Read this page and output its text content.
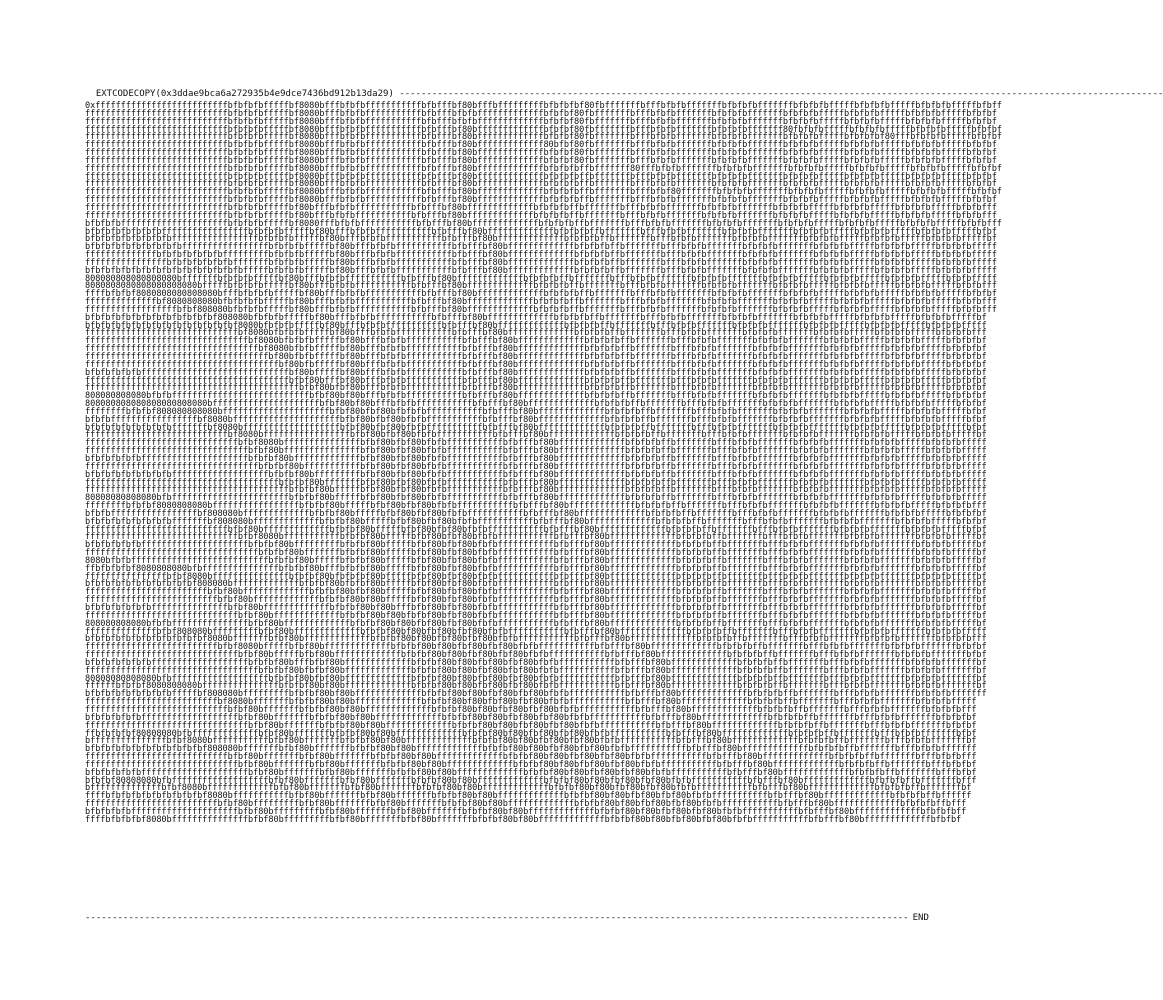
EXTCODECOPY(0x3ddae9bca6a272935b4e9dce7436bd912b13da29) ---------------------------------------------------------------------------------------------------------------------------------------------

0xffffffffffffffffffffffffffbfbfbfbfffffbf8080bfffbfbfbfffffffffffbfbfffbf80bfffbfffffffffbfbfbfbf80fbfffffffbfffbfbfbfffffffbfbfbfbfffffffbfbfbfbfffffbfbfbfbfffffbfbfbfbfffffbfbff
ffffffffffffffffffffffffffffbfbfbfbfffffbf8080bfffbfbfbfffffffffffbfbfffbfbfbfffffffffffffbfbfbf80fbfffffffbfffbfbfbfffffffbfbfbfbfffffffbfbfbfbfffffbfbfbfbfffffbfbfbfbfffffbfbfbf
ffffffffffffffffffffffffffffbfbfbfbfffffbf8080bfffbfbfbfffffffffffbfbfffbfbfbfffffffffffffbfbfbf80fbfffffffbfffbfbfbfffffffbfbfbfbfffffffbfbfbfbfffffbfbfbfbfffffbfbfbfbfffffbfbfbf
ffffffffffffffffffffffffffffbfbfbfbfffffbf8080bfffbfbfbfffffffffffbfbfffbf80bfffffffffffffbfbfbf80fbfffffffbfffbfbfbfffffffbfbfbfbfffffff80fbfbfbfffffbfbfbfbfffffbfbfbfbfffffbfbfbf
ffffffffffffffffffffffffffffbfbfbfbfffffbf8080bfffbfbfbfffffffffffbfbfffbf80bfffffffffffffbfbfbf80fbfffffffbfffbfbfbfffffffbfbfbfbfffffffbfbfbfbfffffbfbfbfbf80fffbfbfbfbfffffbfbfbf
ffffffffffffffffffffffffffffbfbfbfbfffffbf8080bfffbfbfbfffffffffffbfbfffbf80bfffffffffffff80bfbf80fbfffffffbfffbfbfbfffffffbfbfbfbfffffffbfbfbfbfffffbfbfbfbfffffbfbfbfbfffffbfbfbf
ffffffffffffffffffffffffffffbfbfbfbfffffbf8080bfffbfbfbfffffffffffbfbfffbf80bfffffffffffffbfbfbf80fbfffffffbfffbfbfbfffffffbfbfbfbfffffffbfbfbfbfffffbfbfbfbfffffbfbfbfbfffffbfbfbf
ffffffffffffffffffffffffffffbfbfbfbfffffbf8080bfffbfbfbfffffffffffbfbfffbf80bfffffffffffffbfbfbf80fbfffffffbfffbfbfbfffffffbfbfbfbfffffffbfbfbfbfffffbfbfbfbfffffbfbfbfbfffffbfbfbf
ffffffffffffffffffffffffffffbfbfbfbfffffbf8080bfffbfbfbfffffffffffbfbfffbf80bfffffffffffffbfbfbfbffbfffffff80fffbfbfbfffffffbfbfbfbfffffffbfbfbfbfffffbfbfbfbfffffbfbfbfbfffffbfbfbf
ffffffffffffffffffffffffffffbfbfbfbfffffbf8080bfffbfbfbfffffffffffbfbfffbf80bfffffffffffffbfbfbfbffbfffffffbfffbfbfbfffffffbfbfbfbfffffffbfbfbfbfffffbfbfbfbfffffbfbfbfbfffffbfbfbf
ffffffffffffffffffffffffffffbfbfbfbfffffbf8080bfffbfbfbfffffffffffbfbfffbf80bfffffffffffffbfbfbfbffbfffffffbfffbfbfbfffffffbfbfbfbfffffffbfbfbfbfffffbfbfbfbfffffbfbfbfbfffffbfbfbf
ffffffffffffffffffffffffffffbfbfbfbfffffbf8080bfffbfbfbfffffffffffbfbfffbf80bfffffffffffffbfbfbfbffbfffffffbfffbfbf80fffffffbfbfbfbfffffffbfbfbfbfffffbfbfbfbfffffbfbfbfbfffffbfbfbf
ffffffffffffffffffffffffffffbfbfbfbfffffbf8080bfffbfbfbfffffffffffbfbfffbf80bfffffffffffffbfbfbfbffbfffffffbfffbfbfbfffffffbfbfbfbfffffffbfbfbfbfffffbfbfbfbfffffbfbfbfbfffffbfbfbf
ffffffffffffffffffffffffffffbfbfbfbfffffbf80bfffbfbfbfffffffffffbfbfffbf80bfffffffffffffbfbfbfbffbfffffffbfffbfbfbfffffffbfbfbfbfffffffbfbfbfbfffffbfbfbfbfffffbfbfbfbfffffbfbfbfff
ffffffffffffffffffffffffffffbfbfbfbfffffbf80bfffbfbfbfffffffffffbfbfffbf80bfffffffffffffbfbfbfbffbfffffffbfffbfbfbfffffffbfbfbfbfffffffbfbfbfbfffffbfbfbfbfffffbfbfbfbfffffbfbfbfff
bfbfbfbfffffffffffffffffffffbfbfbfbfffffbf8080fffbfbfbfffffffffffbfbfffbf80bfffffffffffffbfbfbfbffbfffffffbfffbfbfbfffffffbfbfbfbfffffffbfbfbfbfffffbfbfbfbfffffbfbfbfbfffffbfbfbfff
bfbfbfbfbfbfbfbfffffffffffffffffbfbfbfbfffffbf80bfffbfbfbfffffffffffbfbfffbf80bfffffffffffffbfbfbfbffbfffffffbfffbfbfbfffffffbfbfbfbfffffffbfbfbfbfffffbfbfbfbfffffbfbfbfbfffffbfbf
bfbfbfbfbfbfbfbfbfffffffffffffffffbfbfbfbfffffbf80bfffbfbfbfffffffffffbfbfffbf80bfffffffffffffbfbfbfbffbfffffffbfffbfbfbfffffffbfbfbfbfffffffbfbfbfbfffffbfbfbfbfffffbfbfbfbfffffbf
bfbfbfbfbfbfbfbfbfbfffffffffffffffffbfbfbfbfffffbf80bfffbfbfbfffffffffffbfbfffbf80bfffffffffffffbfbfbfbffbfffffffbfffbfbfbfffffffbfbfbfbfffffffbfbfbfbfffffbfbfbfbfffffbfbfbfbfffff
ffffffffffffffbfbfbfbfbfbfbfffffffffbfbfbfbfffffbf80bfffbfbfbfffffffffffbfbfffbf80bfffffffffffffbfbfbfbffbfffffffbfffbfbfbfffffffbfbfbfbfffffffbfbfbfbfffffbfbfbfbfffffbfbfbfbfffff
ffffffffffffffffbfbfbfbfbfbfbfffffffbfbfbfbfffffbf80bfffbfbfbfffffffffffbfbfffbf80bfffffffffffffbfbfbfbffbfffffffbfffbfbfbfffffffbfbfbfbfffffffbfbfbfbfffffbfbfbfbfffffbfbfbfbfffff
bfbfbfbfbfbfbfbfbfbfbfbfbfbfbfbfffffbfbfbfbfffffbf80bfffbfbfbfffffffffffbfbfffbf80bfffffffffffffbfbfbfbffbfffffffbfffbfbfbfffffffbfbfbfbfffffffbfbfbfbfffffbfbfbfbfffffbfbfbfbfffff
808080808080808080bfffffffbfbfbfbfffffbf80bfffbfbfbfffffffffffbfbfffbf80bfffffffffffffbfbfbfbffbfffffffbfffbfbfbfffffffbfbfbfbfffffffbfbfbfbfffffbfbfbfbfffffbfbfbfbfffffbfbfbfffff
8080808080808080808080bfffffbfbfbfbfffffbf80bfffbfbfbfffffffffffbfbfffbf80bfffffffffffffbfbfbfbffbfffffffbfffbfbfbfffffffbfbfbfbfffffffbfbfbfbfffffbfbfbfbfffffbfbfbfbfffffbfbfbfff
ffffbfbfbf8080808080808080bfffbfbfbfbfffffbf80bfffbfbfbfffffffffffbfbfffbf80bfffffffffffffbfbfbfbffbfffffffbfffbfbfbfffffffbfbfbfbfffffffbfbfbfbfffffbfbfbfbfffffbfbfbfbfffffbfbfbf
ffffffffffffffbf8080808080bfbfbfbfbfffffbf80bfffbfbfbfffffffffffbfbfffbf80bfffffffffffffbfbfbfbffbfffffffbfffbfbfbfffffffbfbfbfbfffffffbfbfbfbfffffbfbfbfbfffffbfbfbfbfffffbfbfbfff
ffffffffffffffffffbfbf808080bfbfbfbfffffbf80bfffbfbfbfffffffffffbfbfffbf80bfffffffffffffbfbfbfbffbfffffffbfffbfbfbfffffffbfbfbfbfffffffbfbfbfbfffffbfbfbfbfffffbfbfbfbfffffbfbfbfff
bfbfbfbfbfbfbfbfbfbfbfbfbf808080bfbfbfbfffffbf80bfffbfbfbfffffffffffbfbfffbf80bfffffffffffffbfbfbfbffbfffffffbfffbfbfbfffffffbfbfbfbfffffffbfbfbfbfffffbfbfbfbfffffbfbfbfbfffffbf
bfbfbfbfbfbfbfbfbfbfbfbfbfbfbf8080bfbfbfbfffffbf80bfffbfbfbfffffffffffbfbfffbf80bfffffffffffffbfbfbfbffbfffffffbfffbfbfbfffffffbfbfbfbfffffffbfbfbfbfffffbfbfbfbfffffbfbfbfbfffff
ffffffffffffffffffffffffffffffbf8080bfbfbfbfffffbf80bfffbfbfbfffffffffffbfbfffbf80bfffffffffffffbfbfbfbffbfffffffbfffbfbfbfffffffbfbfbfbfffffffbfbfbfbfffffbfbfbfbfffffbfbfbfbfff
ffffffffffffffffffffffffffffffffbf8080bfbfbfbfffffbf80bfffbfbfbfffffffffffbfbfffbf80bfffffffffffffbfbfbfbffbfffffffbfffbfbfbfffffffbfbfbfbfffffffbfbfbfbfffffbfbfbfbfffffbfbfbfbf
ffffffffffffffffffffffffffffffffffbf8080bfbfbfffffbf80bfffbfbfbfffffffffffbfbfffbf80bfffffffffffffbfbfbfbffbfffffffbfffbfbfbfffffffbfbfbfbfffffffbfbfbfbfffffbfbfbfbfffffbfbfbfbf
ffffffffffffffffffffffffffffffffffffbf80bfbfbfffffbf80bfffbfbfbfffffffffffbfbfffbf80bfffffffffffffbfbfbfbffbfffffffbfffbfbfbfffffffbfbfbfbfffffffbfbfbfbfffffbfbfbfbfffffbfbfbfbf
ffffffffffffffffffffffffffffffffffffffbf80bfbfffffbf80bfffbfbfbfffffffffffbfbfffbf80bfffffffffffffbfbfbfbffbfffffffbfffbfbfbfffffffbfbfbfbfffffffbfbfbfbfffffbfbfbfbfffffbfbfbfbf
bfbfbfbfbfbfffffffffffffffffffffffffffffbf80bfffffbf80bfffbfbfbfffffffffffbfbfffbf80bfffffffffffffbfbfbfbffbfffffffbfffbfbfbfffffffbfbfbfbfffffffbfbfbfbfffffbfbfbfbfffffbfbfbfbf
ffffffffffffffffffffffffffffffffffffffffbfbf80bfffbf80bfffbfbfbfffffffffffbfbfffbf80bfffffffffffffbfbfbfbffbfffffffbfffbfbfbfffffffbfbfbfbfffffffbfbfbfbfffffbfbfbfbfffffbfbfbfbf
ffffffffffffffffffffffffffffffffffffffffffbfbf80bfbf80bfffbfbfbfffffffffffbfbfffbf80bfffffffffffffbfbfbfbffbfffffffbfffbfbfbfffffffbfbfbfbfffffffbfbfbfbfffffbfbfbfbfffffbfbfbfbf
808080808080bfbfbfffffffffffffffffffffffffffbfbf80bf80bfffbfbfbfffffffffffbfbfffbf80bfffffffffffffbfbfbfbffbfffffffbfffbfbfbfffffffbfbfbfbfffffffbfbfbfbfffffbfbfbfbfffffbfbfbfbf
808080808080808080808080bfffffffffffffffffffffbfbf80bf80bfffbfbfbfffffffffffbfbfffbf80bfffffffffffffbfbfbfbffbfffffffbfffbfbfbfffffffbfbfbfbfffffffbfbfbfbfffffbfbfbfbfffffbfbfbf
ffffffffbfbfbf808080808080bfffffffffffffffffffffbfbf80bfbf80bfbfbfbfffffffffffbfbfffbf80bfffffffffffffbfbfbfbffbfffffffbfffbfbfbfffffffbfbfbfbfffffffbfbfbfbfffffbfbfbfbfffffbfbf
bfbfbfffffffffffffffffbf8080bfffffffffffffffffffffbfbf80bfbf80bfbfbfffffffffffbfbfffbf80bfffffffffffffbfbfbfbffbfffffffbfffbfbfbfffffffbfbfbfbfffffffbfbfbfbfffffbfbfbfbfffffbfbf
bfbfbfbfbfbfbfbfbfffffffbf8080bfffffffffffffffffffbfbf80bfbf80bfbfbfffffffffffbfbfffbf80bfffffffffffffbfbfbfbffbfffffffbfffbfbfbfffffffbfbfbfbfffffffbfbfbfbfffffbfbfbfbfffffbfbf
ffffffffffffffffffffffffffffbf8080bfffffffffffffffffbfbf80bfbf80bfbfbfffffffffffbfbfffbf80bfffffffffffffbfbfbfbffbfffffffbfffbfbfbfffffffbfbfbfbfffffffbfbfbfbfffffbfbfbfbfffffbf
ffffffffffffffffffffffffffffffbfbf8080bfffffffffffffffbfbf80bfbf80bfbfbfffffffffffbfbfffbf80bfffffffffffffbfbfbfbffbfffffffbfffbfbfbfffffffbfbfbfbfffffffbfbfbfbfffffbfbfbfbfffff
ffffffffffffffffffffffffffffffffbfbf80bfffffffffffffffbfbf80bfbf80bfbfbfffffffffffbfbfffbf80bfffffffffffffbfbfbfbffbfffffffbfffbfbfbfffffffbfbfbfbfffffffbfbfbfbfffffbfbfbfbfffff
bfbfbfbfbfbfffffffffffffffffffffbfbfbf80bfffffffffffffbfbf80bfbf80bfbfbfffffffffffbfbfffbf80bfffffffffffffbfbfbfbffbfffffffbfffbfbfbfffffffbfbfbfbfffffffbfbfbfbfffffbfbfbfbfffff
ffffffffffffffffffffffffffffffffffbfbfbf80bfffffffffffbfbf80bfbf80bfbfbfffffffffffbfbfffbf80bfffffffffffffbfbfbfbffbfffffffbfffbfbfbfffffffbfbfbfbfffffffbfbfbfbfffffbfbfbfbfffff
bfbfbfbfbfbfbfbfbfffffffffffffffffffbfbfbf80bfffffffffbfbf80bfbf80bfbfbfffffffffffbfbfffbf80bfffffffffffffbfbfbfbffbfffffffbfffbfbfbfffffffbfbfbfbfffffffbfbfbfbfffffbfbfbfbfffff
ffffffffffffffffffffffffffffffffffffffbfbfbf80bfffffffbfbf80bfbf80bfbfbfffffffffffbfbfffbf80bfffffffffffffbfbfbfbffbfffffffbfffbfbfbfffffffbfbfbfbfffffffbfbfbfbfffffbfbfbfbfffff
ffffffffffffffffffffffffffffffffffffffffbfbfbf80bfffffbfbf80bfbf80bfbfbfffffffffffbfbfffbf80bfffffffffffffbfbfbfbffbfffffffbfffbfbfbfffffffbfbfbfbfffffffbfbfbfbfffffbfbfbfbfffff
80808080808080bfbfffffffffffffffffffffffbfbfbf80bfffffbfbf80bfbf80bfbfbfffffffffffbfbfffbf80bfffffffffffffbfbfbfbffbfffffffbfffbfbfbfffffffbfbfbfbfffffffbfbfbfbfffffbfbfbfbfffff
ffffffffbfbfbf8080808080bfffffffffffffffffbfbfbf80bfffffbfbf80bfbf80bfbfbfffffffffffbfbfffbf80bfffffffffffffbfbfbfbffbfffffffbfffbfbfbfffffffbfbfbfbfffffffbfbfbfbfffffbfbfbfbfff
bfbfbfffffffffffffffffbf808080bfffffffffffffbfbfbf80bfffffbfbf80bfbf80bfbfbfffffffffffbfbfffbf80bfffffffffffffbfbfbfbffbfffffffbfffbfbfbfffffffbfbfbfbfffffffbfbfbfbfffffbfbfbfbf
bfbfbfbfbfbfbfbfbfffffffbf808080bfffffffffffffbfbfbf80bfffffbfbf80bfbf80bfbfbfffffffffffbfbfffbf80bfffffffffffffbfbfbfbffbfffffffbfffbfbfbfffffffbfbfbfbfffffffbfbfbfbfffffbfbfbf
ffffffffffffffffffffffffffffbfbf80bfffffffffffffbfbfbf80bfffffbfbf80bfbf80bfbfbfffffffffffbfbfffbf80bfffffffffffffbfbfbfbffbfffffffbfffbfbfbfffffffbfbfbfbfffffffbfbfbfbfffffbfbf
ffffffffffffffffffffffffffffffbfbf8080bfffffffffffbfbfbf80bfffffbfbf80bfbf80bfbfbfffffffffffbfbfffbf80bfffffffffffffbfbfbfbffbfffffffbfffbfbfbfffffffbfbfbfbfffffffbfbfbfbfffffbf
bfbfbfbfbfbfffffffffffffffffffffbfbfbf80bfffffffffbfbfbf80bfffffbfbf80bfbf80bfbfbfffffffffffbfbfffbf80bfffffffffffffbfbfbfbffbfffffffbfffbfbfbfffffffbfbfbfbfffffffbfbfbfbfffffbf
ffffffffffffffffffffffffffffffffffbfbfbf80bfffffffbfbfbf80bfffffbfbf80bfbf80bfbfbfffffffffffbfbfffbf80bfffffffffffffbfbfbfbffbfffffffbfffbfbfbfffffffbfbfbfbfffffffbfbfbfbfffffbf
8080bfbfbfffffffffffffffffffffffffffbfbfbf80bfffffbfbfbf80bfffffbfbf80bfbf80bfbfbfffffffffffbfbfffbf80bfffffffffffffbfbfbfbffbfffffffbfffbfbfbfffffffbfbfbfbfffffffbfbfbfbfffffbf
ffbfbfbfbf8080808080bfbfffffffffffffffbfbfbf80bfffbfbfbf80bfffffbfbf80bfbf80bfbfbfffffffffffbfbfffbf80bfffffffffffffbfbfbfbffbfffffffbfffbfbfbfffffffbfbfbfbfffffffbfbfbfbfffffbf
ffffffffffffffffbfbf8080bfffffffffffffffbfbfbf80bfbfbfbf80bfffffbfbf80bfbf80bfbfbfffffffffffbfbfffbf80bfffffffffffffbfbfbfbffbfffffffbfffbfbfbfffffffbfbfbfbfffffffbfbfbfbfffffbf
bfbfbfbfbfbfbfbfbfbfbf808080bfffffffffffffbfbfbf80bfbfbf80bfffffbfbf80bfbf80bfbfbfffffffffffbfbfffbf80bfffffffffffffbfbfbfbffbfffffffbfffbfbfbfffffffbfbfbfbfffffffbfbfbfbfffffbf
ffffffffffffffffffffffffbfbf80bfffffffffffffbfbfbf80bfbf80bfffffbfbf80bfbf80bfbfbfffffffffffbfbfffbf80bfffffffffffffbfbfbfbffbfffffffbfffbfbfbfffffffbfbfbfbfffffffbfbfbfbfffffbf
ffffffffffffffffffffffffffbfbf80bfffffffffffffbfbfbf80bf80bfffffbfbf80bfbf80bfbfbfffffffffffbfbfffbf80bfffffffffffffbfbfbfbffbfffffffbfffbfbfbfffffffbfbfbfbfffffffbfbfbfbfffffbf
bfbfbfbfbfbfbfffffffffffffffbfbf80bfffffffffffffbfbfbf80bf80bfffbfbf80bfbf80bfbfbfffffffffffbfbfffbf80bfffffffffffffbfbfbfbffbfffffffbfffbfbfbfffffffbfbfbfbfffffffbfbfbfbfffffbf
ffffffffffffffffffffffffffffffbfbf80bfffffffffffffbfbfbf80bf80bfbfbf80bfbf80bfbfbfffffffffffbfbfffbf80bfffffffffffffbfbfbfbffbfffffffbfffbfbfbfffffffbfbfbfbfffffffbfbfbfbfffffbf
808080808080bfbfbfffffffffffffffbfbf80bfffffffffffffbfbfbf80bf80bfbf80bfbf80bfbfbfffffffffffbfbfffbf80bfffffffffffffbfbfbfbffbfffffffbfffbfbfbfffffffbfbfbfbfffffffbfbfbfbfffffbf
ffffffffffffffbfbf808080bfffffffffbfbf80bfffffffffffffbfbfbf80bf80bfbf80bfbf80bfbfbfffffffffffbfbfffbf80bfffffffffffffbfbfbfbffbfffffffbfffbfbfbfffffffbfbfbfbfffffffbfbfbfbfffff
bfbfbfbfbfbfbfbfbfbfbfbf8080bfffffffbfbf80bfffffffffffffbfbfbf80bf80bfbf80bfbf80bfbfbfffffffffffbfbfffbf80bfffffffffffffbfbfbfbffbfffffffbfffbfbfbfffffffbfbfbfbfffffffbfbfbfbfff
ffffffffffffffffffffffffffbfbf8080bfffffbfbf80bfffffffffffffbfbfbf80bf80bfbf80bfbf80bfbfbfffffffffffbfbfffbf80bfffffffffffffbfbfbfbffbfffffffbfffbfbfbfffffffbfbfbfbfffffffbfbfbf
ffffffffffffffffffffffffffffffbfbf80bfffffbfbf80bfffffffffffffbfbfbf80bf80bfbf80bfbf80bfbfbfffffffffffbfbfffbf80bfffffffffffffbfbfbfbffbfffffffbfffbfbfbfffffffbfbfbfbfffffffbfbf
bfbfbfbfbfbfbfffffffffffffffffffbfbfbf80bfffbfbf80bfffffffffffffbfbfbf80bf80bfbf80bfbf80bfbfbfffffffffffbfbfffbf80bfffffffffffffbfbfbfbffbfffffffbfffbfbfbfffffffbfbfbfbfffffffbf
ffffffffffffffffffffffffffffffffffbfbfbf80bfbfbf80bfffffffffffffbfbfbf80bf80bfbf80bfbf80bfbfbfffffffffffbfbfffbf80bfffffffffffffbfbfbfbffbfffffffbfffbfbfbfffffffbfbfbfbfffffffbf
80808080808080bfbfffffffffffffffffffbfbfbf80bfbf80bfffffffffffffbfbfbf80bf80bfbf80bfbf80bfbfbfffffffffffbfbfffbf80bfffffffffffffbfbfbfbffbfffffffbfffbfbfbfffffffbfbfbfbfffffffbf
ffffffbfbfbf8080808080bfffffffffffffffbfbfbf80bf80bfffffffffffffbfbfbf80bf80bfbf80bfbf80bfbfbfffffffffffbfbfffbf80bfffffffffffffbfbfbfbffbfffffffbfffbfbfbfffffffbfbfbfbfffffffbf
bfbfbfbfbfbfbfbfbfffffbf808080bfffffffffbfbfbf80bf80bfffffffffffffbfbfbf80bf80bfbf80bfbf80bfbfbfffffffffffbfbfffbf80bfffffffffffffbfbfbfbffbfffffffbfffbfbfbfffffffbfbfbfbfffffff
ffffffffffffffffffffffffffbf8080bfffffffbfbfbf80bf80bfffffffffffffbfbfbf80bf80bfbf80bfbf80bfbfbfffffffffffbfbfffbf80bfffffffffffffbfbfbfbffbfffffffbfffbfbfbfffffffbfbfbfbfffff
ffffffffffffffffffffffffffffbfbf80bfffffffbfbfbf80bf80bfffffffffffffbfbfbf80bf80bfbf80bfbf80bfbfbfffffffffffbfbfffbf80bfffffffffffffbfbfbfbffbfffffffbfffbfbfbfffffffbfbfbfbfff
bfbfbfbfbfbfffffffffffffffffffbfbf80bfffffffbfbfbf80bf80bfffffffffffffbfbfbf80bf80bfbf80bfbf80bfbfbfffffffffffbfbfffbf80bfffffffffffffbfbfbfbffbfffffffbfffbfbfbfffffffbfbfbfbf
ffffffffffffffffffffffffffffffffbfbf80bfffffffbfbfbf80bf80bfffffffffffffbfbfbf80bf80bfbf80bfbf80bfbfbfffffffffffbfbfffbf80bfffffffffffffbfbfbfbffbfffffffbfffbfbfbfffffffbfbfbf
ffbfbfbfbf80808080bfbfffffffffffffbfbf80bfffffffbfbfbf80bf80bfffffffffffffbfbfbf80bf80bfbf80bfbf80bfbfbfffffffffffbfbfffbf80bfffffffffffffbfbfbfbffbfffffffbfffbfbfbfffffffbfbf
bfffffffffffffffbfbf8080bfffffffffffbfbf80bfffffffbfbfbf80bf80bfffffffffffffbfbfbf80bf80bfbf80bfbf80bfbfbfffffffffffbfbfffbf80bfffffffffffffbfbfbfbffbfffffffbfffbfbfbfffffffbf
bfbfbfbfbfbfbfbfbfbfbfbf808080bfffffffbfbf80bfffffffbfbfbf80bf80bfffffffffffffbfbfbf80bf80bfbf80bfbf80bfbfbfffffffffffbfbfffbf80bfffffffffffffbfbfbfbffbfffffffbfffbfbfbfffffff
ffffffffffffffffffffffffffffbfbf80bfffffffbfbf80bfffffffbfbfbf80bf80bfffffffffffffbfbfbf80bf80bfbf80bfbf80bfbfbfffffffffffbfbfffbf80bfffffffffffffbfbfbfbffbfffffffbfffbfbfbfff
ffffffffffffffffffffffffffffffbfbf80bfffffffbfbf80bfffffffbfbfbf80bf80bfffffffffffffbfbfbf80bf80bfbf80bfbf80bfbfbfffffffffffbfbfffbf80bfffffffffffffbfbfbfbffbfffffffbfffbfbfbf
bfbfbfbfbfbfffffffffffffffffffffbfbf80bfffffffbfbf80bfffffffbfbfbf80bf80bfffffffffffffbfbfbf80bf80bfbf80bfbf80bfbfbfffffffffffbfbfffbf80bfffffffffffffbfbfbfbffbfffffffbfffbfbf
bfbfbf80808080bfbfffffffffffffffffffbfbf80bfffffffbfbf80bfffffffbfbfbf80bf80bfffffffffffffbfbfbf80bf80bfbf80bfbf80bfbfbfffffffffffbfbfffbf80bfffffffffffffbfbfbfbffbfffffffbfff
bffffffffffffffbfbf8080bfffffffffffffbfbf80bfffffffbfbf80bfffffffbfbfbf80bf80bfffffffffffffbfbfbf80bf80bfbf80bfbf80bfbfbfffffffffffbfbfffbf80bfffffffffffffbfbfbfbffbfffffffbf
ffffbfbfbfbfbfbfbfbfbfbf8080bfffffffffffbfbf80bfffffffbfbf80bfffffffbfbfbf80bf80bfffffffffffffbfbfbf80bf80bfbf80bfbf80bfbfbfffffffffffbfbfffbf80bfffffffffffffbfbfbfbffbffffff
ffffffffffffffffffffffffffbfbf80bfffffffffbfbf80bfffffffbfbf80bfffffffbfbfbf80bf80bfffffffffffffbfbfbf80bf80bfbf80bfbf80bfbfbfffffffffffbfbfffbf80bfffffffffffffbfbfbfbffbfff
bfbfbfbfbfffffffffffffffffffffbfbf80bfffffffffbfbf80bfffffffbfbf80bfffffffbfbfbf80bf80bfffffffffffffbfbfbf80bf80bfbf80bfbf80bfbfbfffffffffffbfbfffbf80bfffffffffffffbfbfbfbff
ffffbfbfbfbf8080bfffffffffffffffbfbf80bfffffffffbfbf80bfffffffbfbf80bfffffffbfbfbf80bf80bfffffffffffffbfbfbf80bf80bfbf80bfbf80bfbfbfffffffffffbfbfffbf80bfffffffffffffbfbfbf
-------------------------------------------------------------------------------------------------------------------------------------------------------- END
